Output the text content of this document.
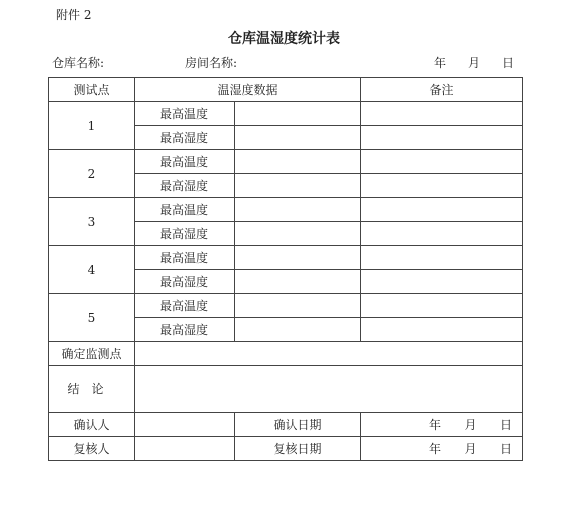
附件 2
仓库温湿度统计表
仓库名称:	房间名称:	年 月 日
测试点	温湿度数据		备注
1	最高温度		
	最高湿度		
2	最高温度		
	最高湿度		
3	最高温度		
	最高湿度		
4	最高温度		
	最高湿度		
5	最高温度		
	最高湿度		
确定监测点			
结论			
确认人		确认日期	年 月 日

复核人		复核日期	年 月 日
